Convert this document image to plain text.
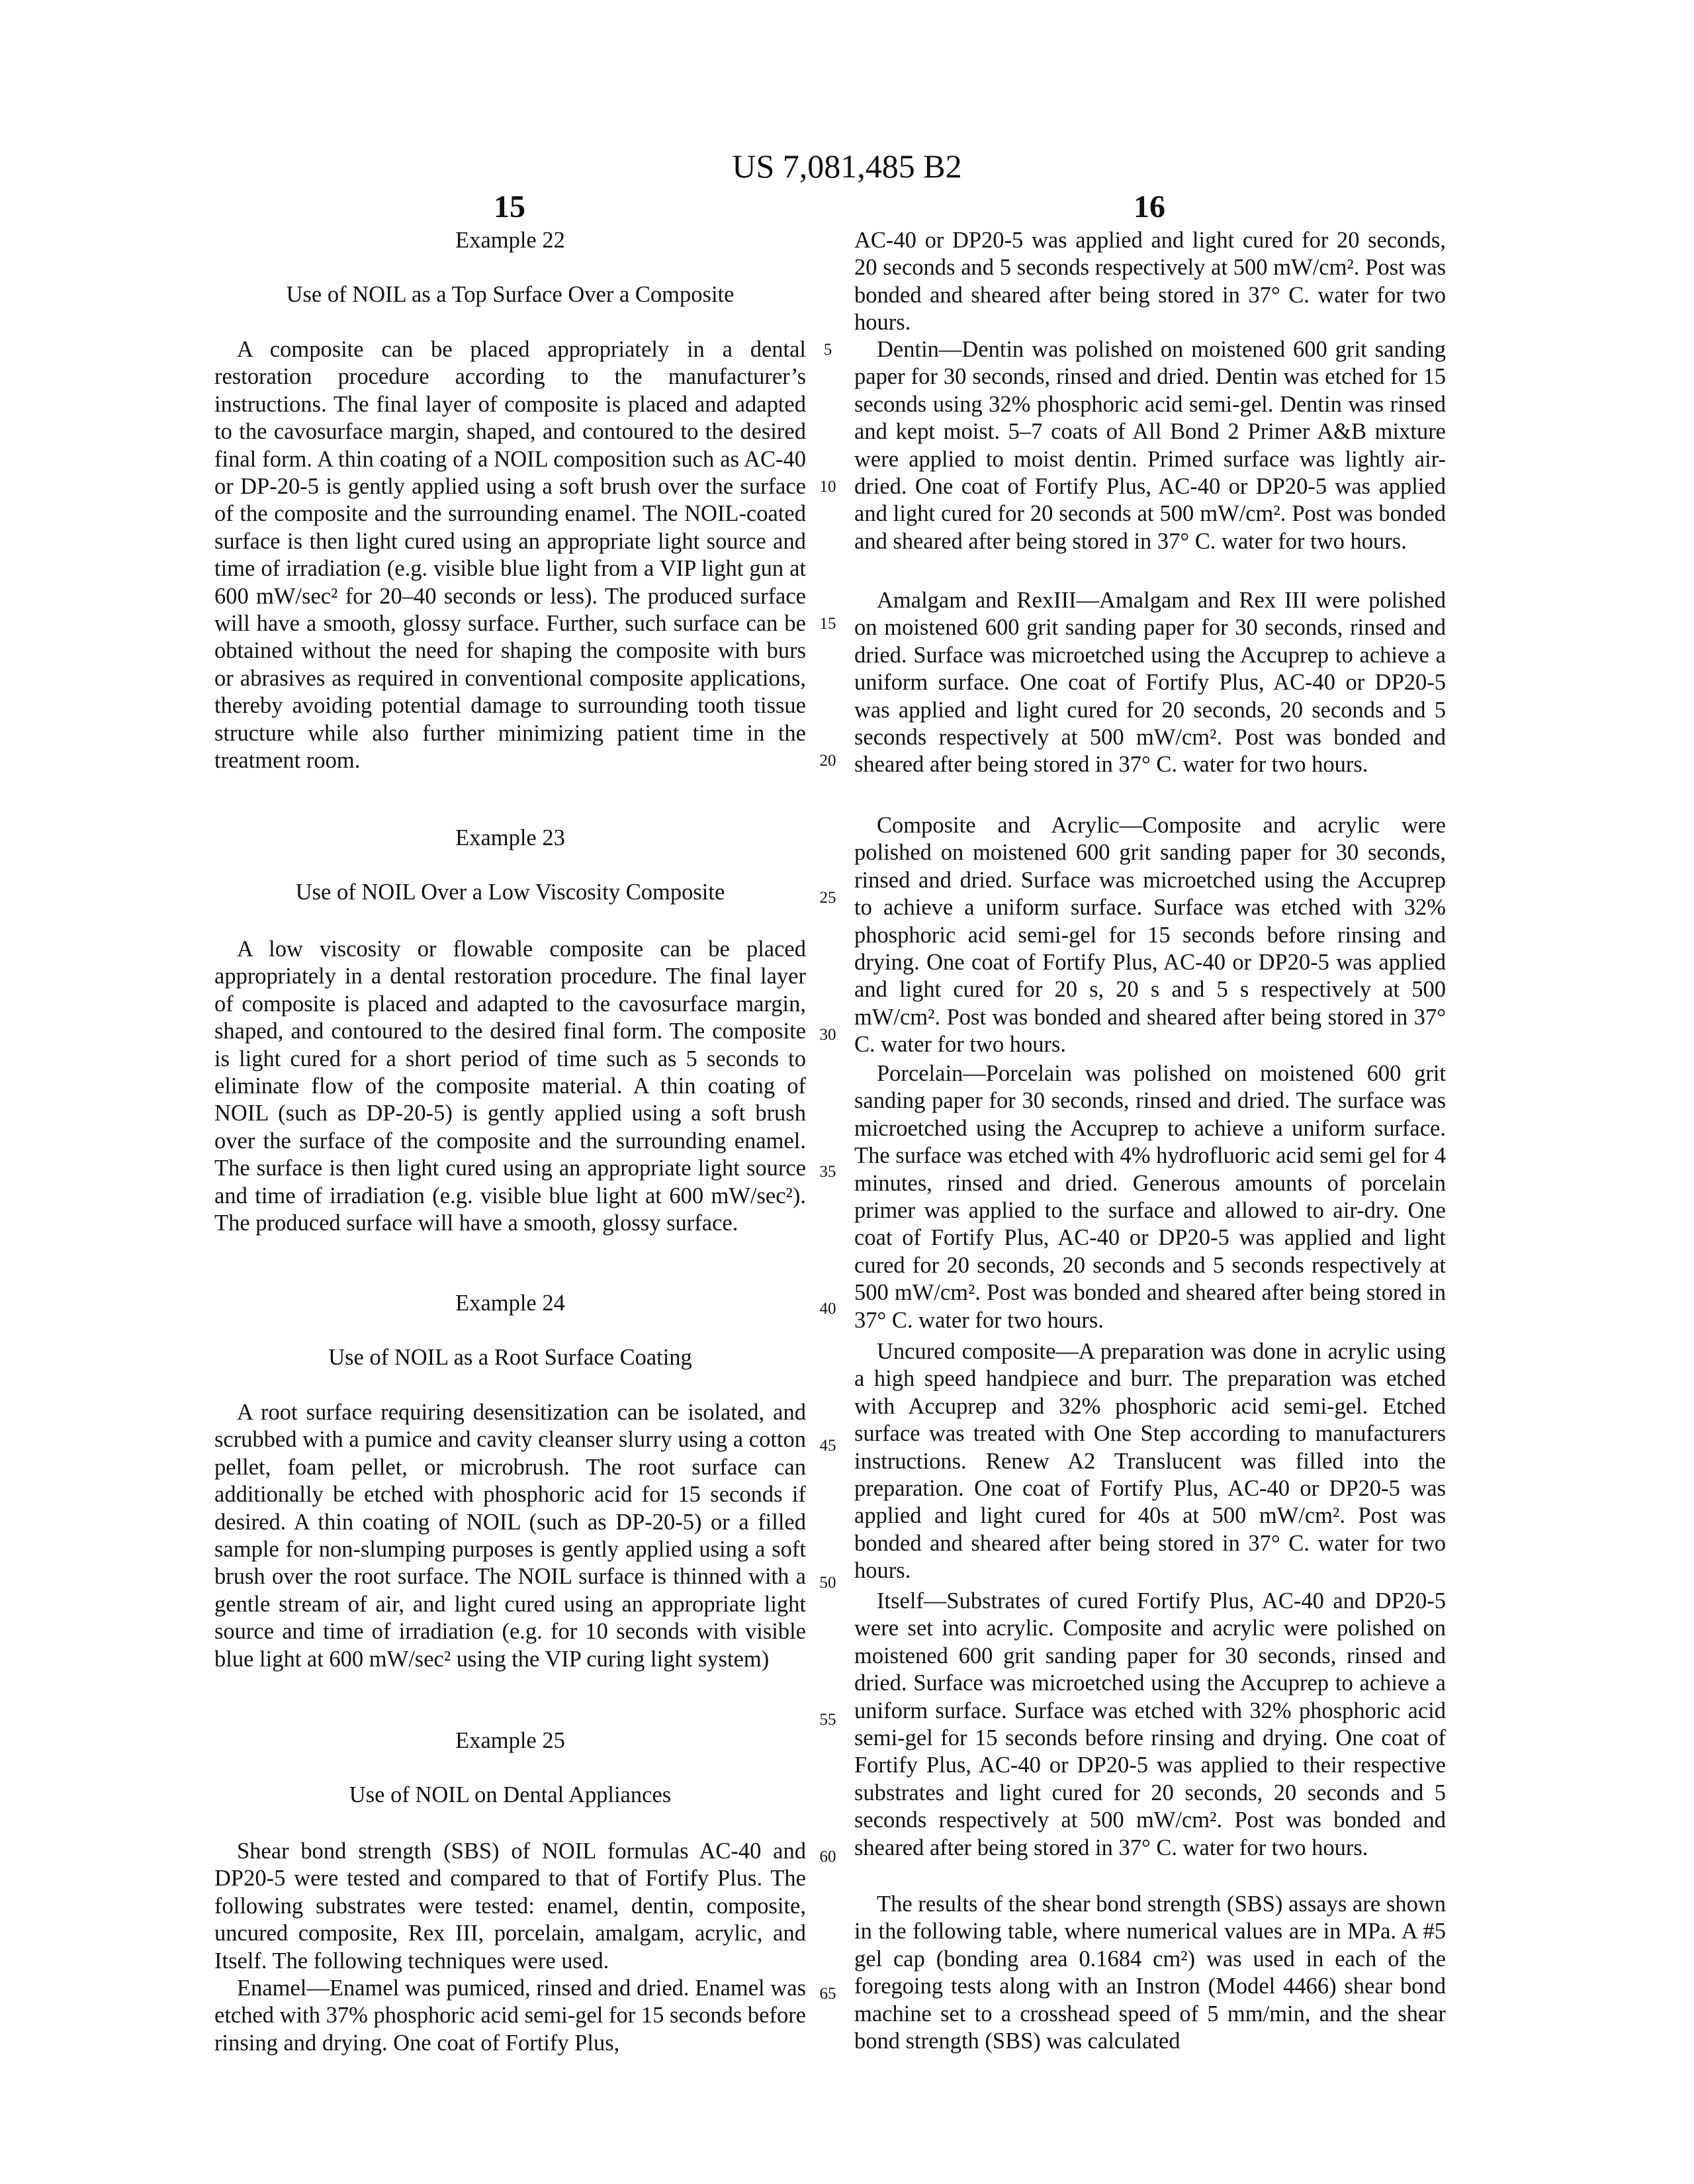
US 7,081,485 B2
15	16
Example 22
Use of NOIL as a Top Surface Over a Composite
A composite can be placed appropriately in a dental restoration procedure according to the manufacturer’s instructions. The final layer of composite is placed and adapted to the cavosurface margin, shaped, and contoured to the desired final form. A thin coating of a NOIL composition such as AC-40 or DP-20-5 is gently applied using a soft brush over the surface of the composite and the surrounding enamel. The NOIL-coated surface is then light cured using an appropriate light source and time of irradiation (e.g. visible blue light from a VIP light gun at 600 mW/sec² for 20–40 seconds or less). The produced surface will have a smooth, glossy surface. Further, such surface can be obtained without the need for shaping the composite with burs or abrasives as required in conventional composite applications, thereby avoiding potential damage to surrounding tooth tissue structure while also further minimizing patient time in the treatment room.
Example 23
Use of NOIL Over a Low Viscosity Composite
A low viscosity or flowable composite can be placed appropriately in a dental restoration procedure. The final layer of composite is placed and adapted to the cavosurface margin, shaped, and contoured to the desired final form. The composite is light cured for a short period of time such as 5 seconds to eliminate flow of the composite material. A thin coating of NOIL (such as DP-20-5) is gently applied using a soft brush over the surface of the composite and the surrounding enamel. The surface is then light cured using an appropriate light source and time of irradiation (e.g. visible blue light at 600 mW/sec²). The produced surface will have a smooth, glossy surface.
Example 24
Use of NOIL as a Root Surface Coating
A root surface requiring desensitization can be isolated, and scrubbed with a pumice and cavity cleanser slurry using a cotton pellet, foam pellet, or microbrush. The root surface can additionally be etched with phosphoric acid for 15 seconds if desired. A thin coating of NOIL (such as DP-20-5) or a filled sample for non-slumping purposes is gently applied using a soft brush over the root surface. The NOIL surface is thinned with a gentle stream of air, and light cured using an appropriate light source and time of irradiation (e.g. for 10 seconds with visible blue light at 600 mW/sec² using the VIP curing light system)
Example 25
Use of NOIL on Dental Appliances
Shear bond strength (SBS) of NOIL formulas AC-40 and DP20-5 were tested and compared to that of Fortify Plus. The following substrates were tested: enamel, dentin, composite, uncured composite, Rex III, porcelain, amalgam, acrylic, and Itself. The following techniques were used.
Enamel—Enamel was pumiced, rinsed and dried. Enamel was etched with 37% phosphoric acid semi-gel for 15 seconds before rinsing and drying. One coat of Fortify Plus,
AC-40 or DP20-5 was applied and light cured for 20 seconds, 20 seconds and 5 seconds respectively at 500 mW/cm². Post was bonded and sheared after being stored in 37° C. water for two hours.
Dentin—Dentin was polished on moistened 600 grit sanding paper for 30 seconds, rinsed and dried. Dentin was etched for 15 seconds using 32% phosphoric acid semi-gel. Dentin was rinsed and kept moist. 5–7 coats of All Bond 2 Primer A&B mixture were applied to moist dentin. Primed surface was lightly air-dried. One coat of Fortify Plus, AC-40 or DP20-5 was applied and light cured for 20 seconds at 500 mW/cm². Post was bonded and sheared after being stored in 37° C. water for two hours.
Amalgam and RexIII—Amalgam and Rex III were polished on moistened 600 grit sanding paper for 30 seconds, rinsed and dried. Surface was microetched using the Accuprep to achieve a uniform surface. One coat of Fortify Plus, AC-40 or DP20-5 was applied and light cured for 20 seconds, 20 seconds and 5 seconds respectively at 500 mW/cm². Post was bonded and sheared after being stored in 37° C. water for two hours.
Composite and Acrylic—Composite and acrylic were polished on moistened 600 grit sanding paper for 30 seconds, rinsed and dried. Surface was microetched using the Accuprep to achieve a uniform surface. Surface was etched with 32% phosphoric acid semi-gel for 15 seconds before rinsing and drying. One coat of Fortify Plus, AC-40 or DP20-5 was applied and light cured for 20 s, 20 s and 5 s respectively at 500 mW/cm². Post was bonded and sheared after being stored in 37° C. water for two hours.
Porcelain—Porcelain was polished on moistened 600 grit sanding paper for 30 seconds, rinsed and dried. The surface was microetched using the Accuprep to achieve a uniform surface. The surface was etched with 4% hydrofluoric acid semi gel for 4 minutes, rinsed and dried. Generous amounts of porcelain primer was applied to the surface and allowed to air-dry. One coat of Fortify Plus, AC-40 or DP20-5 was applied and light cured for 20 seconds, 20 seconds and 5 seconds respectively at 500 mW/cm². Post was bonded and sheared after being stored in 37° C. water for two hours.
Uncured composite—A preparation was done in acrylic using a high speed handpiece and burr. The preparation was etched with Accuprep and 32% phosphoric acid semi-gel. Etched surface was treated with One Step according to manufacturers instructions. Renew A2 Translucent was filled into the preparation. One coat of Fortify Plus, AC-40 or DP20-5 was applied and light cured for 40s at 500 mW/cm². Post was bonded and sheared after being stored in 37° C. water for two hours.
Itself—Substrates of cured Fortify Plus, AC-40 and DP20-5 were set into acrylic. Composite and acrylic were polished on moistened 600 grit sanding paper for 30 seconds, rinsed and dried. Surface was microetched using the Accuprep to achieve a uniform surface. Surface was etched with 32% phosphoric acid semi-gel for 15 seconds before rinsing and drying. One coat of Fortify Plus, AC-40 or DP20-5 was applied to their respective substrates and light cured for 20 seconds, 20 seconds and 5 seconds respectively at 500 mW/cm². Post was bonded and sheared after being stored in 37° C. water for two hours.
The results of the shear bond strength (SBS) assays are shown in the following table, where numerical values are in MPa. A #5 gel cap (bonding area 0.1684 cm²) was used in each of the foregoing tests along with an Instron (Model 4466) shear bond machine set to a crosshead speed of 5 mm/min, and the shear bond strength (SBS) was calculated
5
10
15
20
25
30
35
40
45
50
55
60
65
